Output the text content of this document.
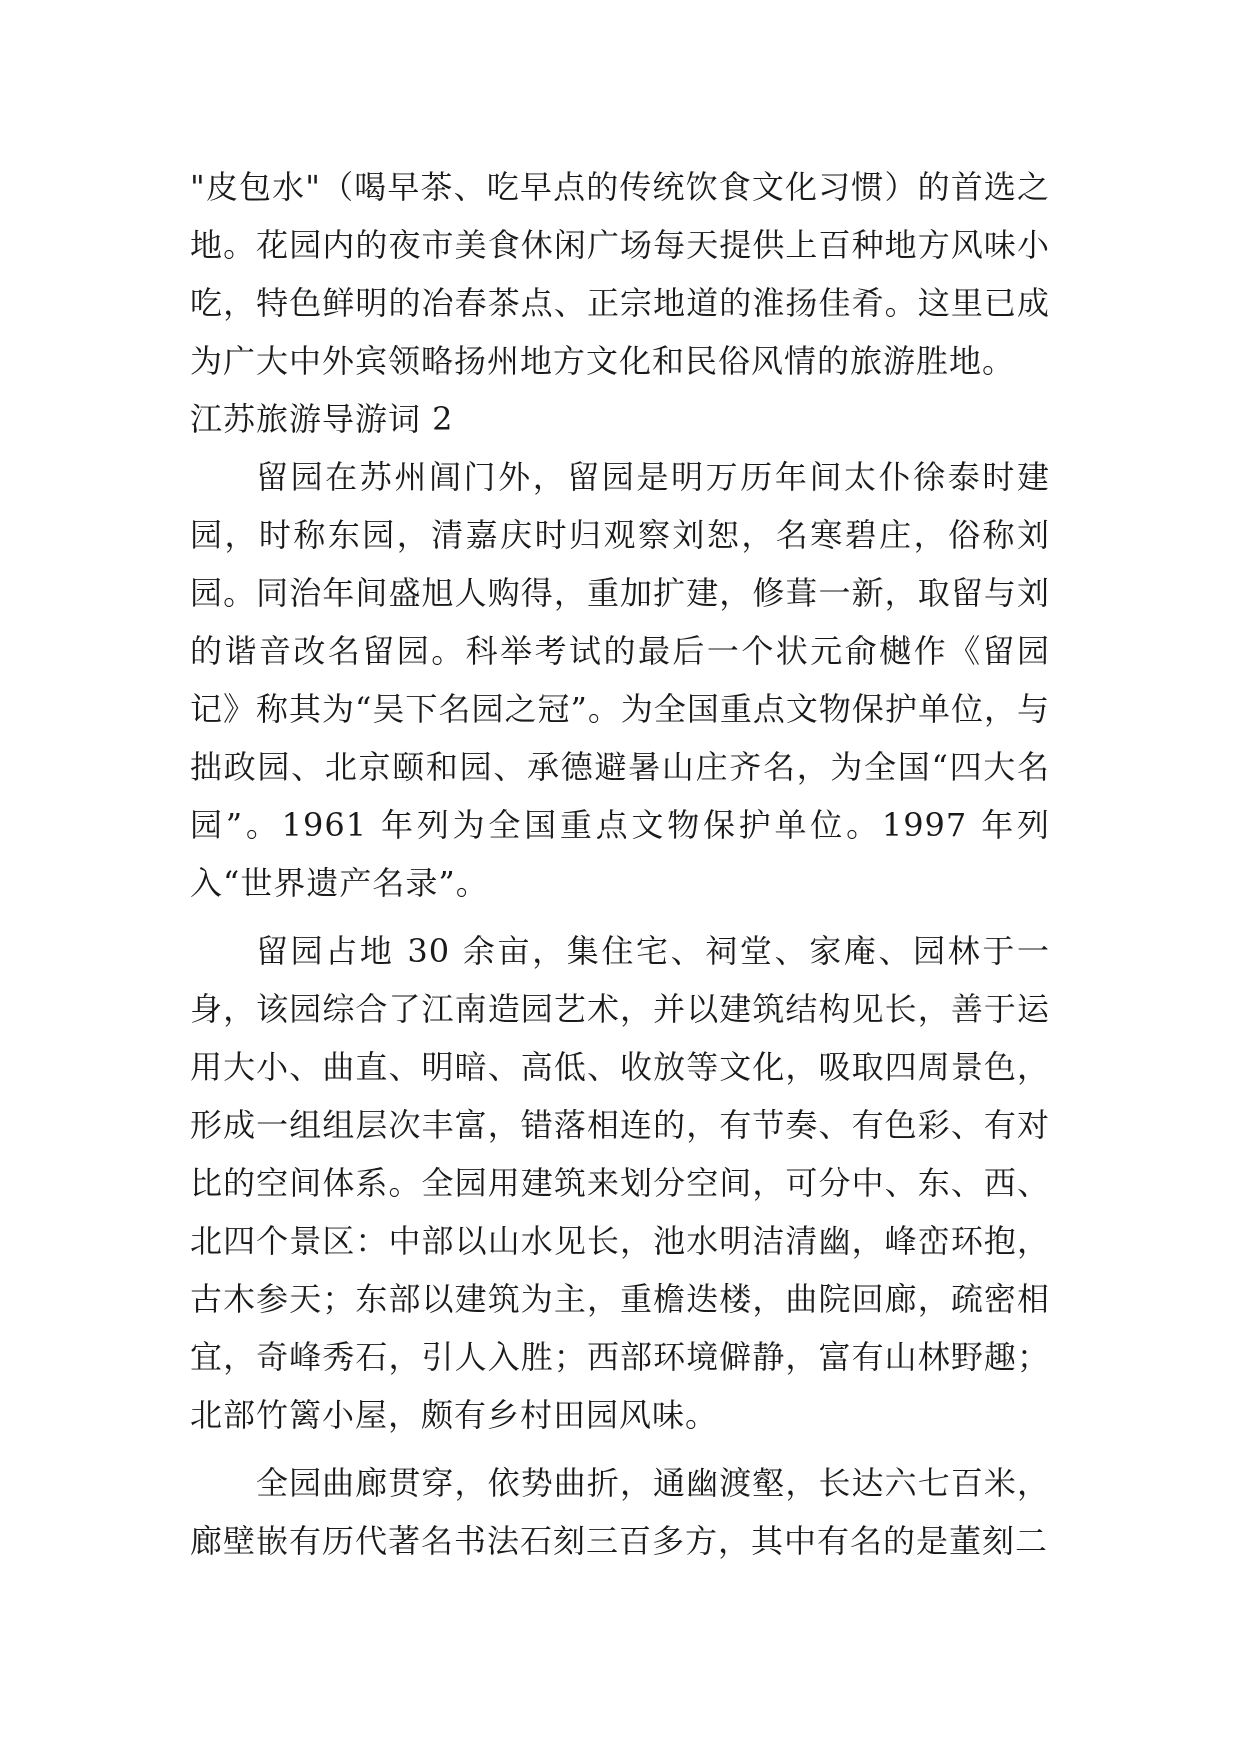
"皮包水"（喝早茶、吃早点的传统饮食文化习惯）的首选之地。花园内的夜市美食休闲广场每天提供上百种地方风味小吃，特色鲜明的冶春茶点、正宗地道的淮扬佳肴。这里已成为广大中外宾领略扬州地方文化和民俗风情的旅游胜地。

江苏旅游导游词 2

留园在苏州阊门外，留园是明万历年间太仆徐泰时建园，时称东园，清嘉庆时归观察刘恕，名寒碧庄，俗称刘园。同治年间盛旭人购得，重加扩建，修葺一新，取留与刘的谐音改名留园。科举考试的最后一个状元俞樾作《留园记》称其为“吴下名园之冠”。为全国重点文物保护单位，与拙政园、北京颐和园、承德避暑山庄齐名，为全国“四大名园”。1961 年列为全国重点文物保护单位。1997 年列入“世界遗产名录”。

留园占地 30 余亩，集住宅、祠堂、家庵、园林于一身，该园综合了江南造园艺术，并以建筑结构见长，善于运用大小、曲直、明暗、高低、收放等文化，吸取四周景色，形成一组组层次丰富，错落相连的，有节奏、有色彩、有对比的空间体系。全园用建筑来划分空间，可分中、东、西、北四个景区：中部以山水见长，池水明洁清幽，峰峦环抱，古木参天；东部以建筑为主，重檐迭楼，曲院回廊，疏密相宜，奇峰秀石，引人入胜；西部环境僻静，富有山林野趣；北部竹篱小屋，颇有乡村田园风味。

全园曲廊贯穿，依势曲折，通幽渡壑，长达六七百米，廊壁嵌有历代著名书法石刻三百多方，其中有名的是董刻二
